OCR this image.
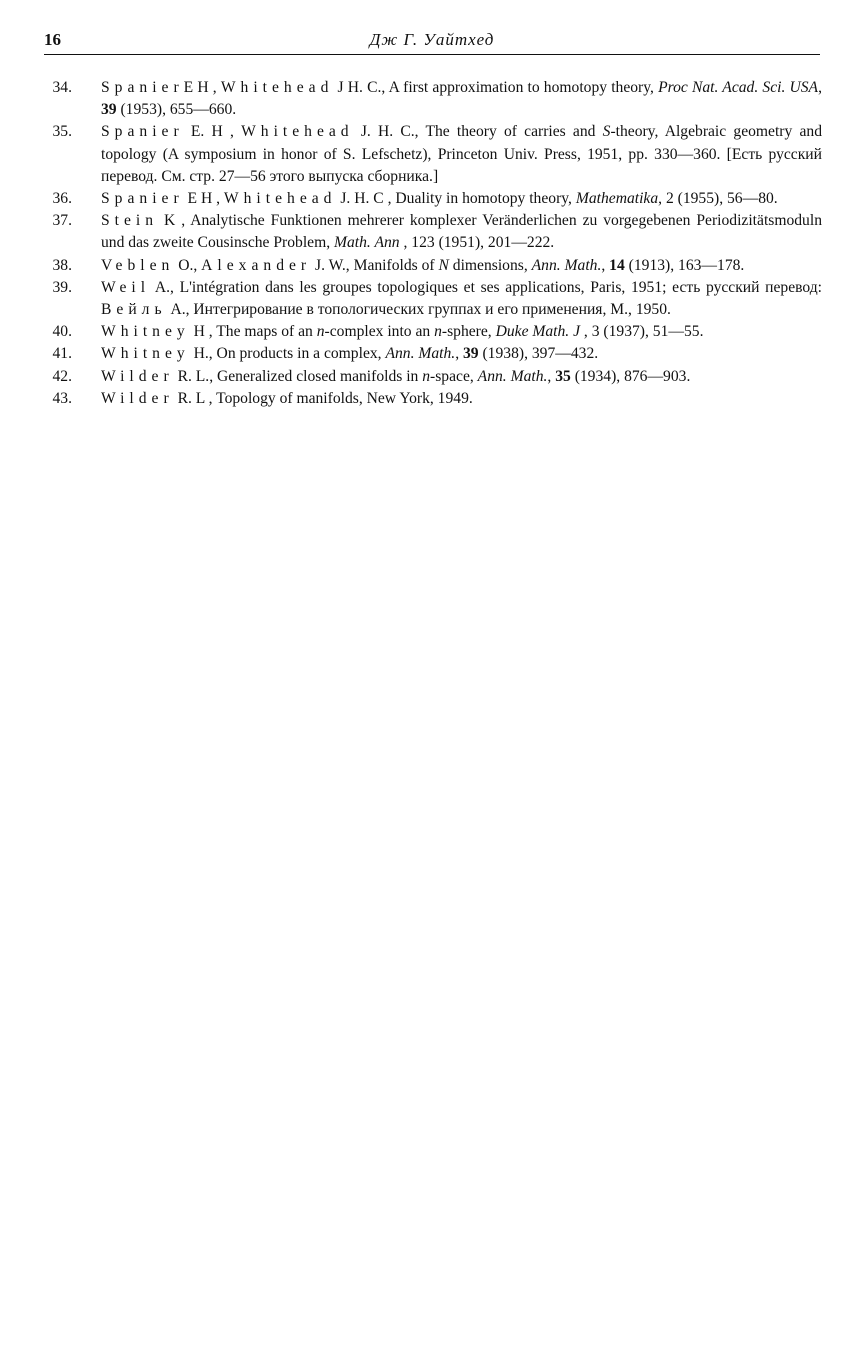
16	Дж Г. Уайтхед
34. SpanierE H , Whitehead J H. C., A first approximation to homotopy theory, Proc Nat. Acad. Sci. USA, 39 (1953), 655—660.
35. Spanier E. H , Whitehead J. H. C., The theory of carries and S-theory, Algebraic geometry and topology (A symposium in honor of S. Lefschetz), Princeton Univ. Press, 1951, pp. 330—360. [Есть русский перевод. См. стр. 27—56 этого выпуска сборника.]
36. Spanier E H , Whitehead J. H. C , Duality in homotopy theory, Mathematika, 2 (1955), 56—80.
37. Stein K , Analytische Funktionen mehrerer komplexer Veränderlichen zu vorgegebenen Periodizitätsmoduln und das zweite Cousinsche Problem, Math. Ann , 123 (1951), 201—222.
38. Veblen O., Alexander J. W., Manifolds of N dimensions, Ann. Math., 14 (1913), 163—178.
39. Weil A., L'intégration dans les groupes topologiques et ses applications, Paris, 1951; есть русский перевод: Вейль А., Интегрирование в топологических группах и его применения, М., 1950.
40. Whitney H , The maps of an n-complex into an n-sphere, Duke Math. J , 3 (1937), 51—55.
41. Whitney H., On products in a complex, Ann. Math., 39 (1938), 397—432.
42. Wilder R. L., Generalized closed manifolds in n-space, Ann. Math., 35 (1934), 876—903.
43. Wilder R. L , Topology of manifolds, New York, 1949.
